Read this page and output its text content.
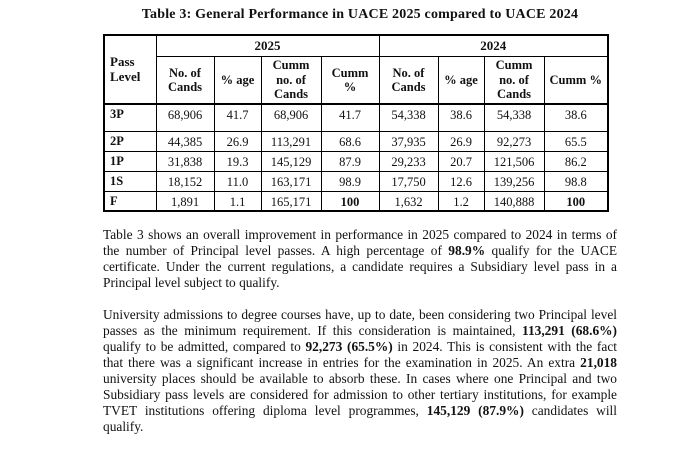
Table 3: General Performance in UACE 2025 compared to UACE 2024
Pass Level	2025				2024			
	No. of Cands	% age	Cumm no. of Cands	Cumm %	No. of Cands	% age	Cumm no. of Cands	Cumm %
3P	68,906	41.7	68,906	41.7	54,338	38.6	54,338	38.6
2P	44,385	26.9	113,291	68.6	37,935	26.9	92,273	65.5
1P	31,838	19.3	145,129	87.9	29,233	20.7	121,506	86.2
1S	18,152	11.0	163,171	98.9	17,750	12.6	139,256	98.8
F	1,891	1.1	165,171	100	1,632	1.2	140,888	100

Table 3 shows an overall improvement in performance in 2025 compared to 2024 in terms of the number of Principal level passes. A high percentage of 98.9% qualify for the UACE certificate. Under the current regulations, a candidate requires a Subsidiary level pass in a Principal level subject to qualify.

University admissions to degree courses have, up to date, been considering two Principal level passes as the minimum requirement. If this consideration is maintained, 113,291 (68.6%) qualify to be admitted, compared to 92,273 (65.5%) in 2024. This is consistent with the fact that there was a significant increase in entries for the examination in 2025. An extra 21,018 university places should be available to absorb these. In cases where one Principal and two Subsidiary pass levels are considered for admission to other tertiary institutions, for example TVET institutions offering diploma level programmes, 145,129 (87.9%) candidates will qualify.
